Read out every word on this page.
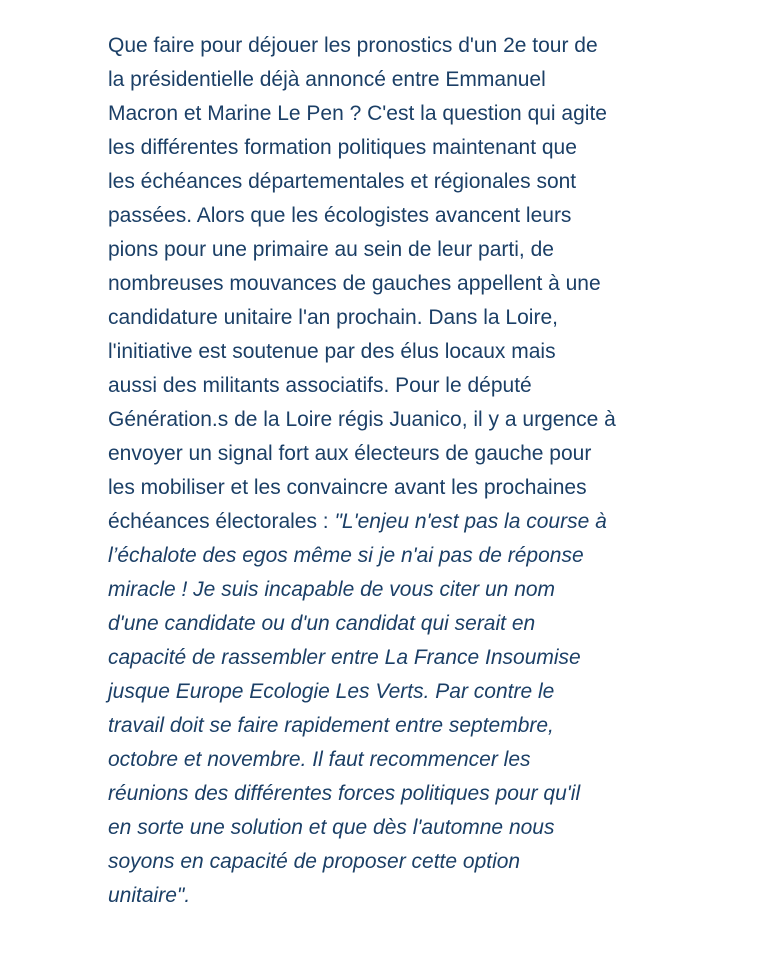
Que faire pour déjouer les pronostics d'un 2e tour de
la présidentielle déjà annoncé entre Emmanuel
Macron et Marine Le Pen ? C'est la question qui agite
les différentes formation politiques maintenant que
les échéances départementales et régionales sont
passées. Alors que les écologistes avancent leurs
pions pour une primaire au sein de leur parti, de
nombreuses mouvances de gauches appellent à une
candidature unitaire l'an prochain. Dans la Loire,
l'initiative est soutenue par des élus locaux mais
aussi des militants associatifs. Pour le député
Génération.s de la Loire régis Juanico, il y a urgence à
envoyer un signal fort aux électeurs de gauche pour
les mobiliser et les convaincre avant les prochaines
échéances électorales : "L'enjeu n'est pas la course à
l’échalote des egos même si je n'ai pas de réponse
miracle ! Je suis incapable de vous citer un nom
d'une candidate ou d'un candidat qui serait en
capacité de rassembler entre La France Insoumise
jusque Europe Ecologie Les Verts. Par contre le
travail doit se faire rapidement entre septembre,
octobre et novembre. Il faut recommencer les
réunions des différentes forces politiques pour qu'il
en sorte une solution et que dès l'automne nous
soyons en capacité de proposer cette option
unitaire".
